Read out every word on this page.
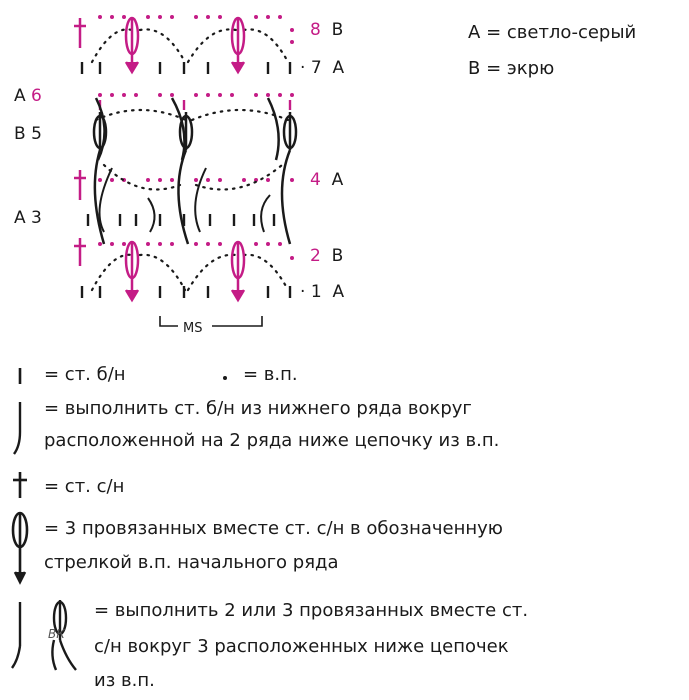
MS
A 6
B 5
A 3
8 B
· 7 A
4 A
2 B
· 1 A
A = светло-серый
B = экрю
ВК
= ст. б/н	= в.п.
= выполнить ст. б/н из нижнего ряда вокруг
расположенной на 2 ряда ниже цепочку из в.п.
= ст. с/н
= 3 провязанных вместе ст. с/н в обозначенную
стрелкой в.п. начального ряда
= выполнить 2 или 3 провязанных вместе ст.
с/н вокруг 3 расположенных ниже цепочек
из в.п.
